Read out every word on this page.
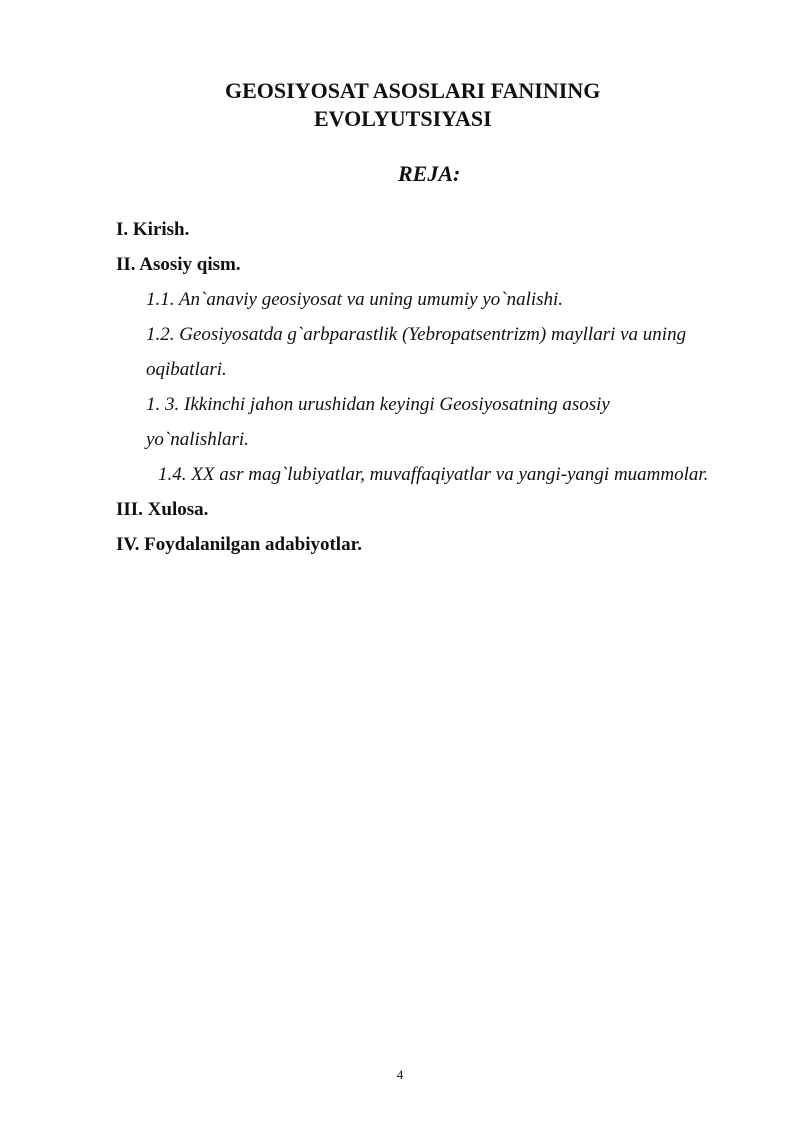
GEOSIYOSAT ASOSLARI FANINING
EVOLYUTSIYASI
REJA:
I. Kirish.
II. Asosiy qism.
1.1. An`anaviy geosiyosat va uning umumiy yo`nalishi.
1.2. Geosiyosatda g`arbparastlik (Yebropatsentrizm) mayllari va uning oqibatlari.
1. 3. Ikkinchi jahon urushidan keyingi Geosiyosatning asosiy yo`nalishlari.
1.4. XX asr mag`lubiyatlar, muvaffaqiyatlar va yangi-yangi muammolar.
III. Xulosa.
IV. Foydalanilgan adabiyotlar.

4
